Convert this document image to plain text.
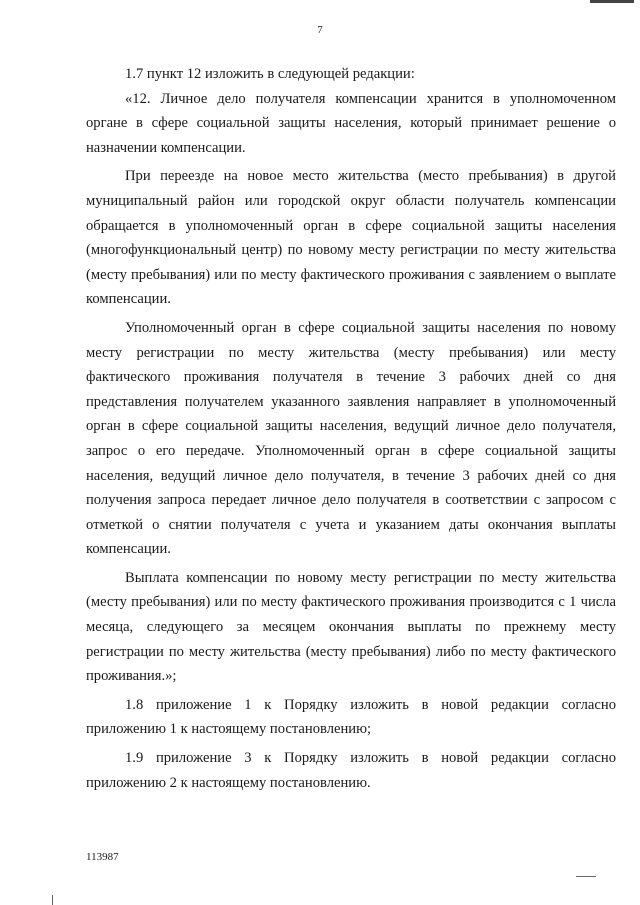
7

1.7 пункт 12 изложить в следующей редакции:

«12. Личное дело получателя компенсации хранится в уполномоченном органе в сфере социальной защиты населения, который принимает решение о назначении компенсации.

При переезде на новое место жительства (место пребывания) в другой муниципальный район или городской округ области получатель компенсации обращается в уполномоченный орган в сфере социальной защиты населения (многофункциональный центр) по новому месту регистрации по месту жительства (месту пребывания) или по месту фактического проживания с заявлением о выплате компенсации.

Уполномоченный орган в сфере социальной защиты населения по новому месту регистрации по месту жительства (месту пребывания) или месту фактического проживания получателя в течение 3 рабочих дней со дня представления получателем указанного заявления направляет в уполномоченный орган в сфере социальной защиты населения, ведущий личное дело получателя, запрос о его передаче. Уполномоченный орган в сфере социальной защиты населения, ведущий личное дело получателя, в течение 3 рабочих дней со дня получения запроса передает личное дело получателя в соответствии с запросом с отметкой о снятии получателя с учета и указанием даты окончания выплаты компенсации.

Выплата компенсации по новому месту регистрации по месту жительства (месту пребывания) или по месту фактического проживания производится с 1 числа месяца, следующего за месяцем окончания выплаты по прежнему месту регистрации по месту жительства (месту пребывания) либо по месту фактического проживания.»;

1.8 приложение 1 к Порядку изложить в новой редакции согласно приложению 1 к настоящему постановлению;

1.9 приложение 3 к Порядку изложить в новой редакции согласно приложению 2 к настоящему постановлению.

113987
